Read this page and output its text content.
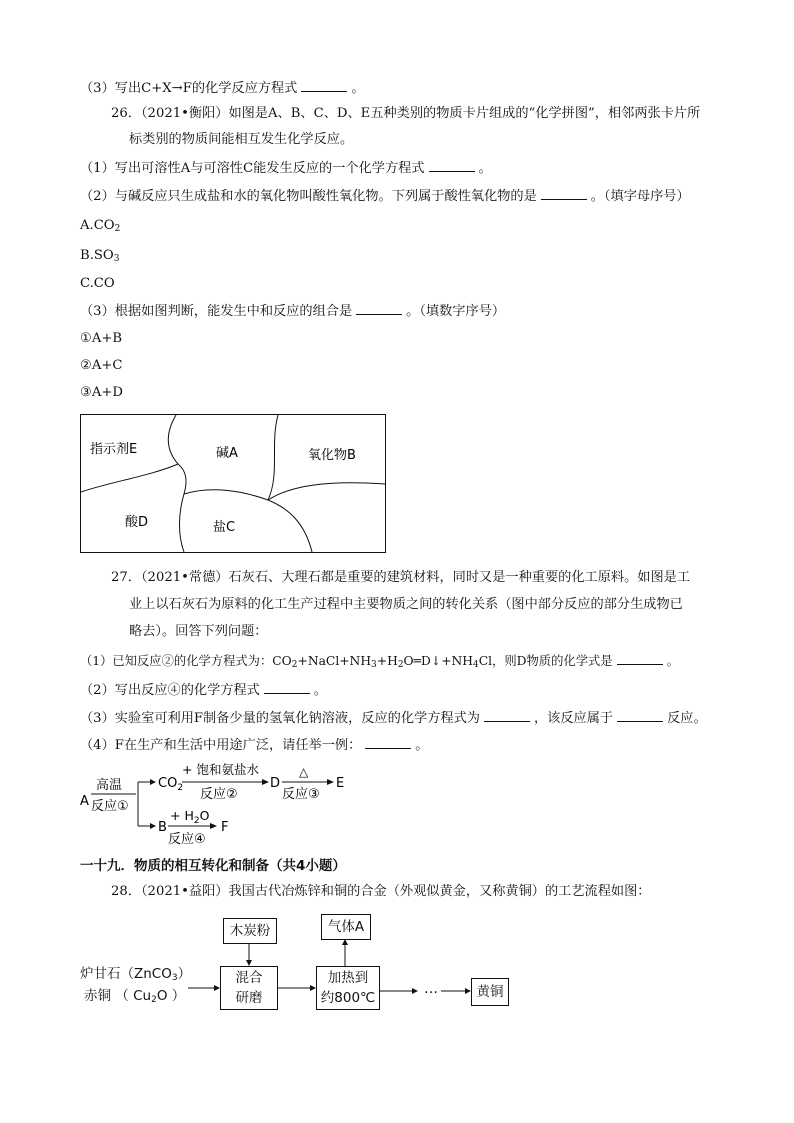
（3）写出C+X→F的化学反应方程式	。
26．（2021•衡阳）如图是A、B、C、D、E五种类别的物质卡片组成的“化学拼图”，相邻两张卡片所
标类别的物质间能相互发生化学反应。
（1）写出可溶性A与可溶性C能发生反应的一个化学方程式	。
（2）与碱反应只生成盐和水的氧化物叫酸性氧化物。下列属于酸性氧化物的是	。（填字母序号）
$A.CO_2$
$B.SO_3$
C.CO
（3）根据如图判断，能发生中和反应的组合是	。（填数字序号）
①A+B
②A+C
③A+D
指示剂E	碱A	氧化物B
酸D	盐C
27．（2021•常德）石灰石、大理石都是重要的建筑材料，同时又是一种重要的化工原料。如图是工
业上以石灰石为原料的化工生产过程中主要物质之间的转化关系（图中部分反应的部分生成物已
略去）。回答下列问题：
（1）已知反应②的化学方程式为：$CO_2+NaCl+NH_3+H_2O═D↓+NH_4Cl$，则D物质的化学式是	。
（2）写出反应④的化学方程式	。
（3）实验室可利用F制备少量的氢氧化钠溶液，反应的化学方程式为	，该反应属于	反应。
（4）F在生产和生活中用途广泛，请任举一例：	。
A
高温
反应①
$CO_2$
+ 饱和氨盐水
反应②
D
△
反应③
E
B
+ $H_2O$
反应④
F
一十九．物质的相互转化和制备（共4小题）
28．（2021•益阳）我国古代冶炼锌和铜的合金（外观似黄金，又称黄铜）的工艺流程如图：
木炭粉	气体A
炉甘石（ZnCO$_3$）
赤铜 （ $Cu_2O$ ）
混合
研磨
加热到
约800℃
…	黄铜
